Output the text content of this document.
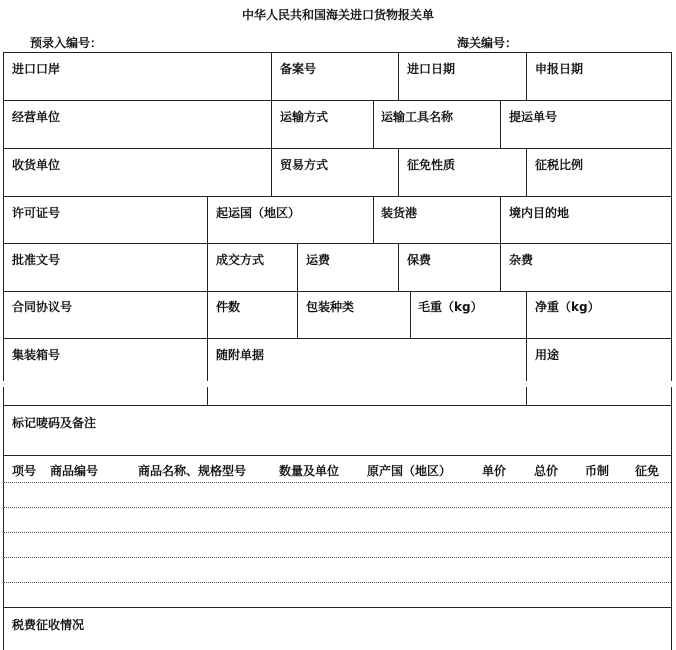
中华人民共和国海关进口货物报关单
预录入编号：	海关编号：
进口口岸	备案号	进口日期	申报日期
经营单位	运输方式	运输工具名称	提运单号
收货单位	贸易方式	征免性质	征税比例
许可证号	起运国（地区）	装货港	境内目的地
批准文号	成交方式	运费	保费	杂费
合同协议号	件数	包装种类	毛重（kg）	净重（kg）
集装箱号	随附单据	用途
标记唛码及备注
项号 商品编号	商品名称、规格型号	数量及单位 原产国（地区）	单价 总价 币制 征免
税费征收情况
